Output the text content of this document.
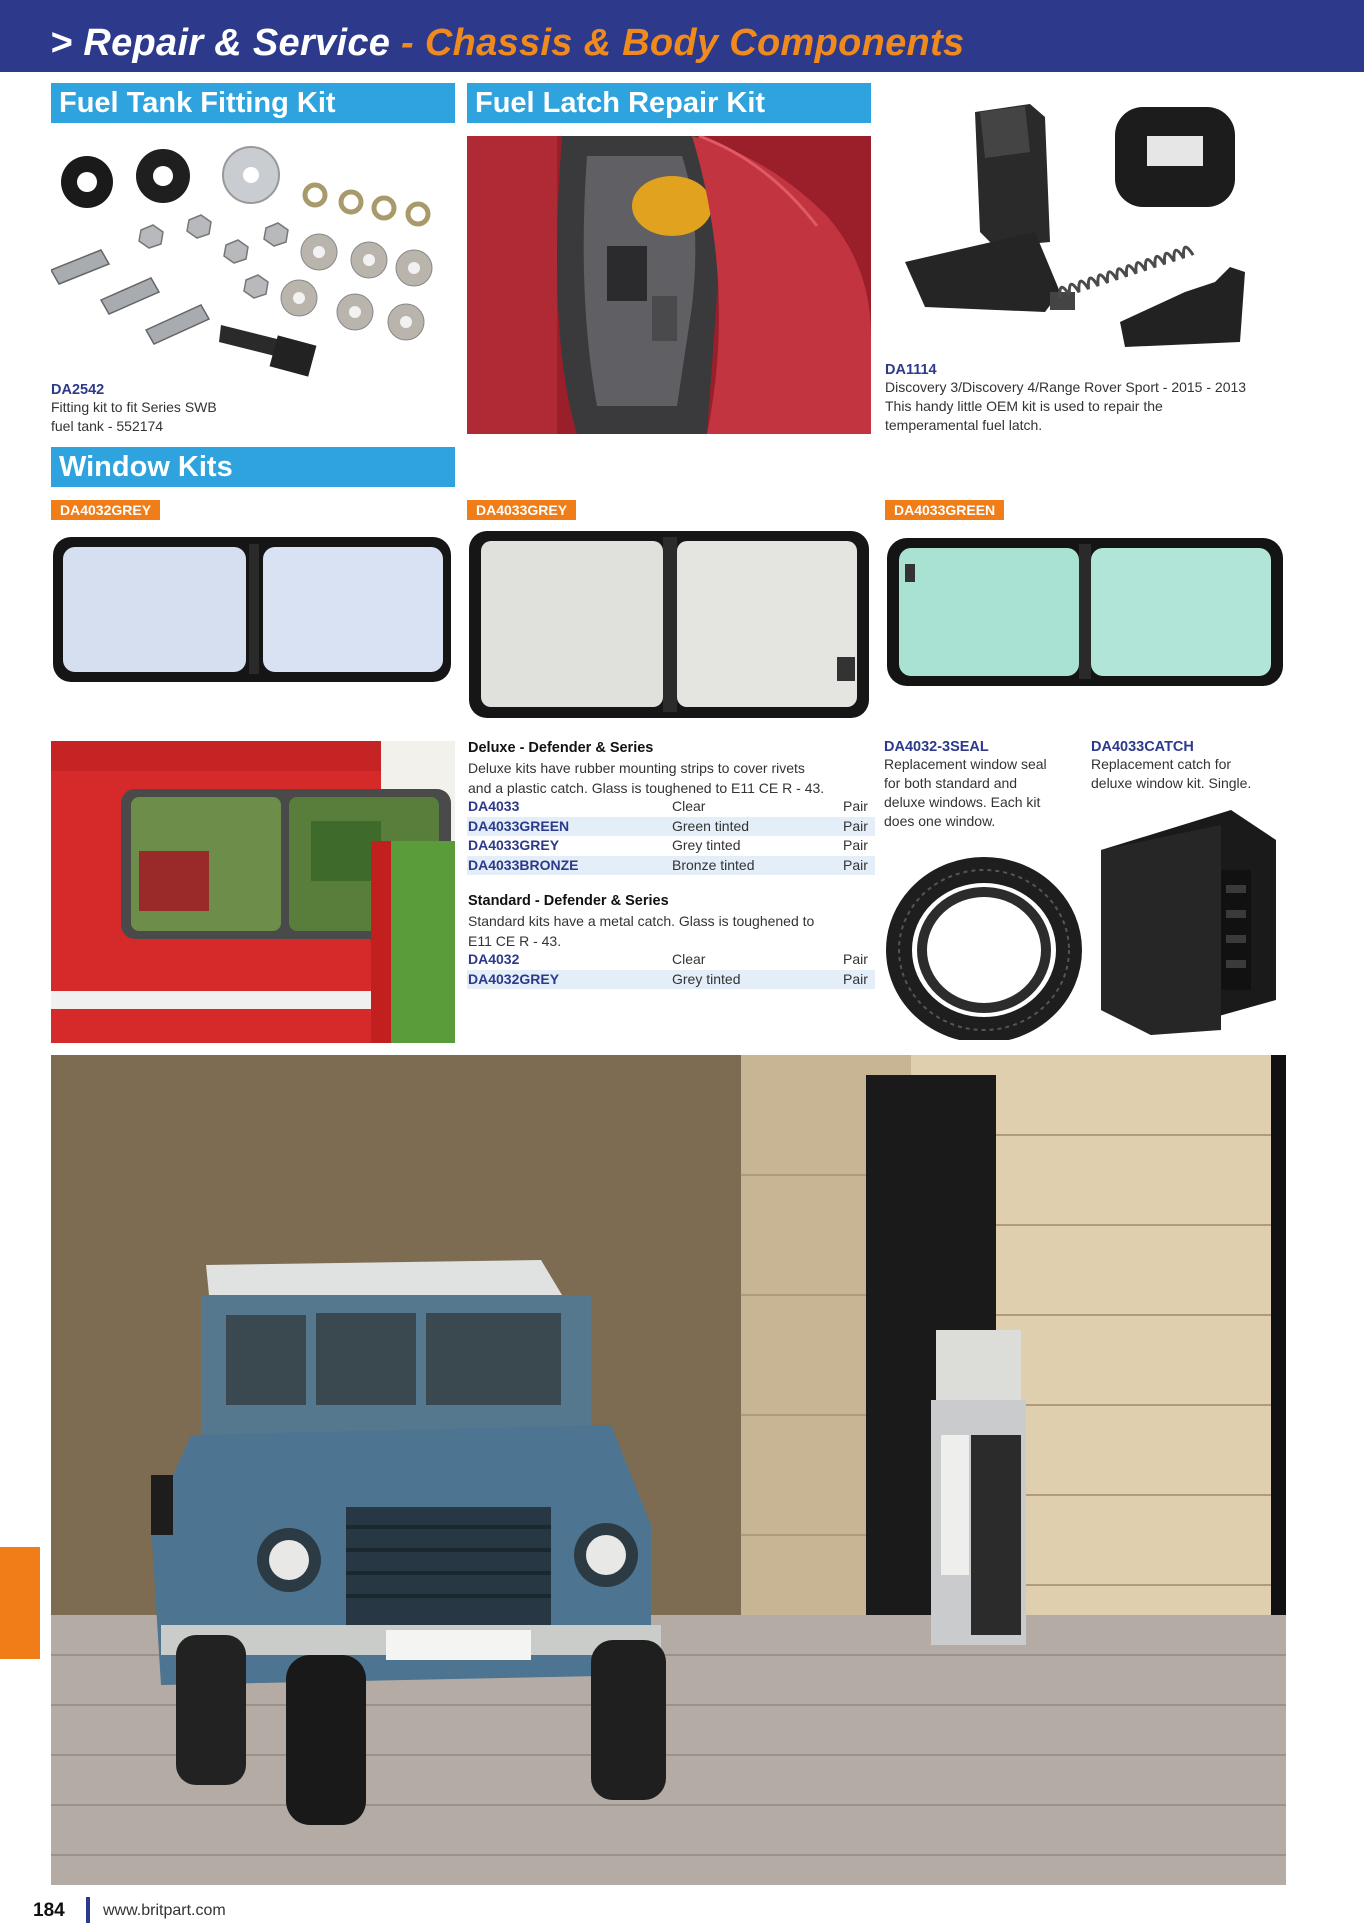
> Repair & Service - Chassis & Body Components
Fuel Tank Fitting Kit	Fuel Latch Repair Kit
Window Kits
DA2542
Fitting kit to fit Series SWB
fuel tank - 552174
DA1114
Discovery 3/Discovery 4/Range Rover Sport - 2015 - 2013
This handy little OEM kit is used to repair the
temperamental fuel latch.
DA4032GREY	DA4033GREY	DA4033GREEN
Deluxe - Defender & Series
Deluxe kits have rubber mounting strips to cover rivets
and a plastic catch. Glass is toughened to E11 CE R - 43.
DA4033	Clear	Pair
DA4033GREEN	Green tinted	Pair
DA4033GREY	Grey tinted	Pair
DA4033BRONZE	Bronze tinted	Pair
Standard - Defender & Series
Standard kits have a metal catch. Glass is toughened to
E11 CE R - 43.
DA4032	Clear	Pair
DA4032GREY	Grey tinted	Pair
DA4032-3SEAL
Replacement window seal
for both standard and
deluxe windows. Each kit
does one window.
DA4033CATCH
Replacement catch for
deluxe window kit. Single.
184 www.britpart.com
